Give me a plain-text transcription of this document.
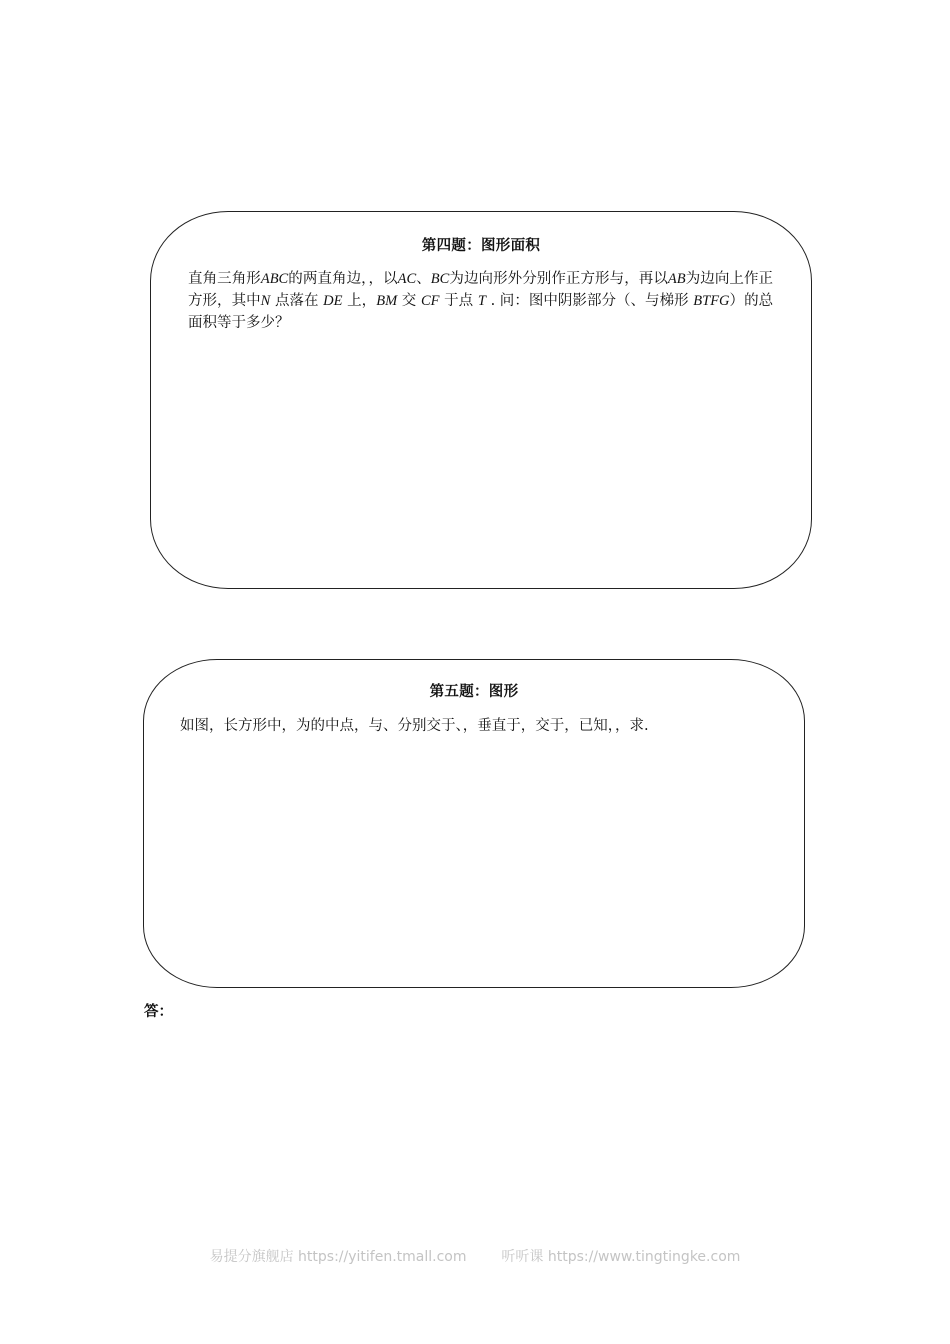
第四题：图形面积
直角三角形ABC的两直角边，，以AC、BC为边向形外分别作正方形与，再以AB为边向上作正方形，其中N 点落在 DE 上，BM 交 CF 于点 T . 问：图中阴影部分（、与梯形 BTFG）的总面积等于多少？
第五题：图形
如图，长方形中，为的中点，与、分别交于、，垂直于，交于，已知，，求.
答：
易提分旗舰店 https://yitifen.tmall.com 听听课 https://www.tingtingke.com
